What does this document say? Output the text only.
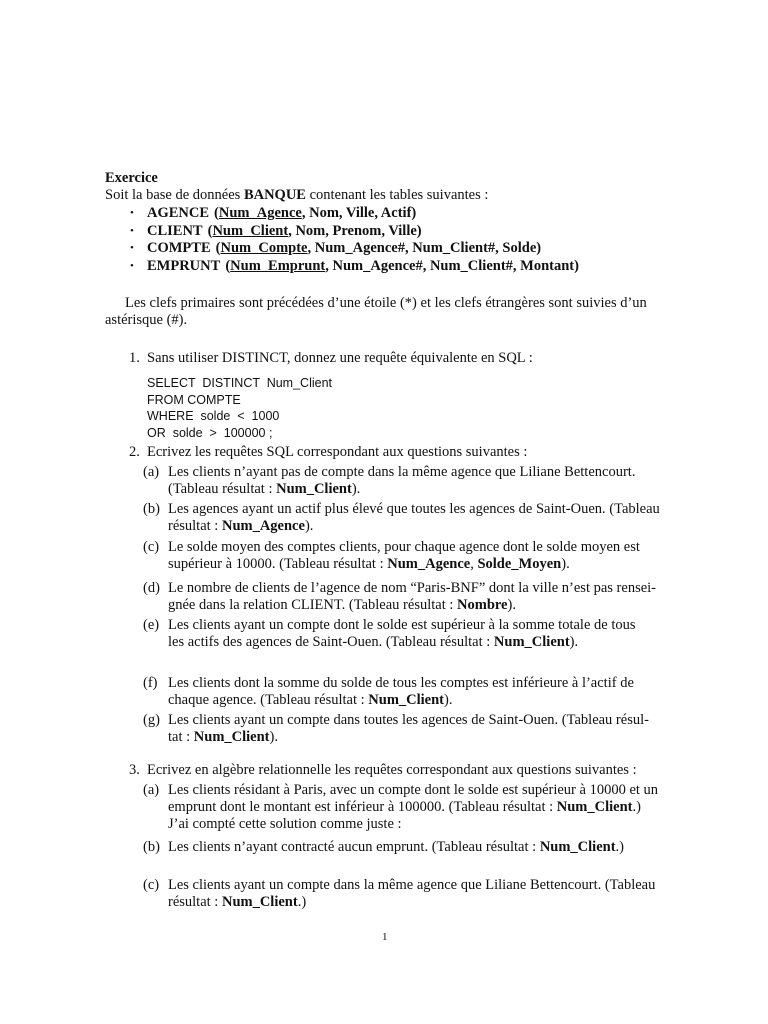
Exercice
Soit la base de données BANQUE contenant les tables suivantes :
• AGENCE (Num_Agence, Nom, Ville, Actif)
• CLIENT (Num_Client, Nom, Prenom, Ville)
• COMPTE (Num_Compte, Num_Agence#, Num_Client#, Solde)
• EMPRUNT (Num_Emprunt, Num_Agence#, Num_Client#, Montant)
Les clefs primaires sont précédées d’une étoile (*) et les clefs étrangères sont suivies d’un astérisque (#).
1. Sans utiliser DISTINCT, donnez une requête équivalente en SQL :
SELECT  DISTINCT  Num_Client
FROM COMPTE
WHERE  solde  <  1000
OR  solde  >  100000 ;
2. Ecrivez les requêtes SQL correspondant aux questions suivantes :
(a) Les clients n’ayant pas de compte dans la même agence que Liliane Bettencourt.
(Tableau résultat : Num_Client).
(b) Les agences ayant un actif plus élevé que toutes les agences de Saint-Ouen. (Tableau
résultat : Num_Agence).
(c) Le solde moyen des comptes clients, pour chaque agence dont le solde moyen est
supérieur à 10000. (Tableau résultat : Num_Agence, Solde_Moyen).
(d) Le nombre de clients de l’agence de nom “Paris-BNF” dont la ville n’est pas rensei-
gnée dans la relation CLIENT. (Tableau résultat : Nombre).
(e) Les clients ayant un compte dont le solde est supérieur à la somme totale de tous
les actifs des agences de Saint-Ouen. (Tableau résultat : Num_Client).
(f) Les clients dont la somme du solde de tous les comptes est inférieure à l’actif de
chaque agence. (Tableau résultat : Num_Client).
(g) Les clients ayant un compte dans toutes les agences de Saint-Ouen. (Tableau résul-
tat : Num_Client).
3. Ecrivez en algèbre relationnelle les requêtes correspondant aux questions suivantes :
(a) Les clients résidant à Paris, avec un compte dont le solde est supérieur à 10000 et un
emprunt dont le montant est inférieur à 100000. (Tableau résultat : Num_Client.)
J’ai compté cette solution comme juste :
(b) Les clients n’ayant contracté aucun emprunt. (Tableau résultat : Num_Client.)
(c) Les clients ayant un compte dans la même agence que Liliane Bettencourt. (Tableau
résultat : Num_Client.)
1
